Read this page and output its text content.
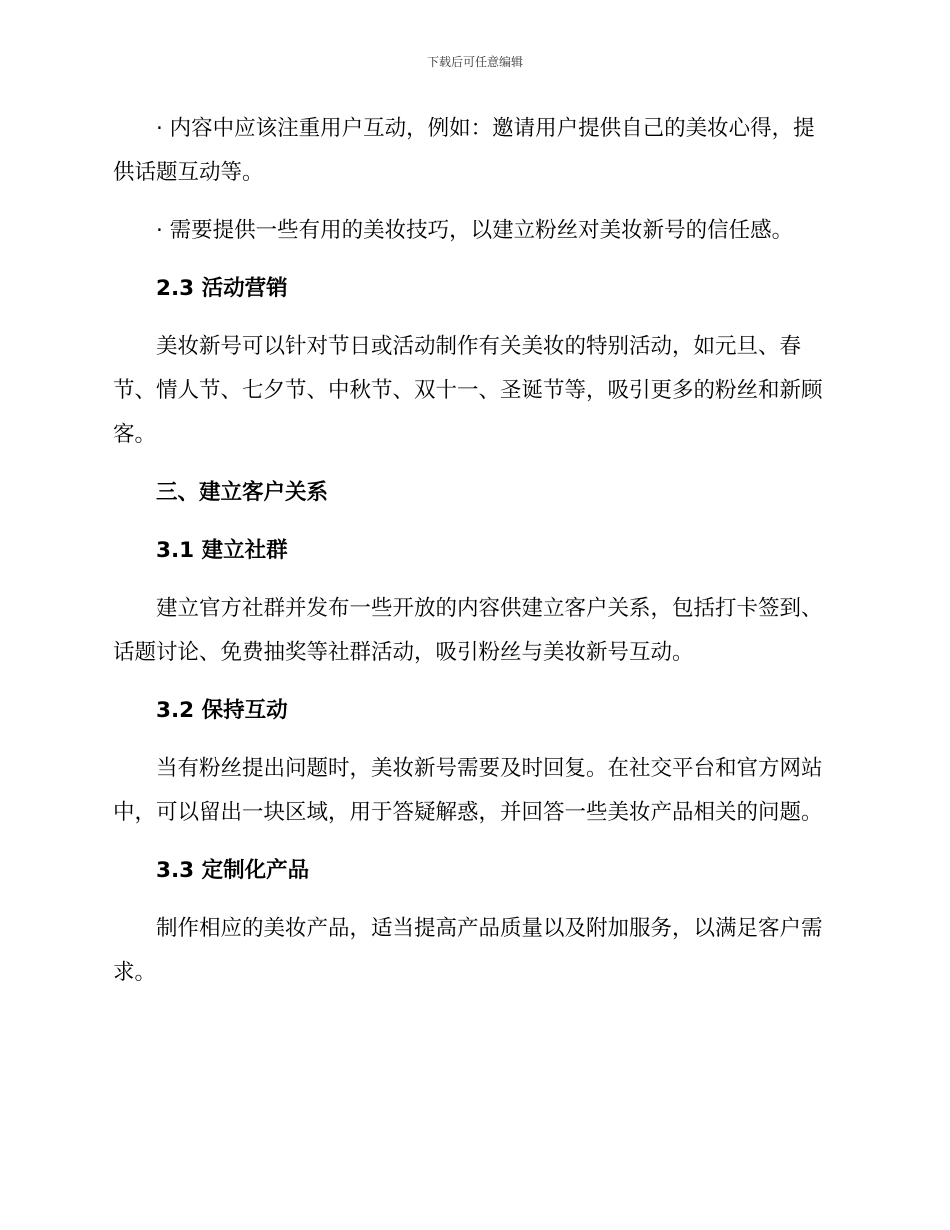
下载后可任意编辑

· 内容中应该注重用户互动，例如：邀请用户提供自己的美妆心得，提供话题互动等。

· 需要提供一些有用的美妆技巧，以建立粉丝对美妆新号的信任感。

2.3 活动营销

美妆新号可以针对节日或活动制作有关美妆的特别活动，如元旦、春节、情人节、七夕节、中秋节、双十一、圣诞节等，吸引更多的粉丝和新顾客。

三、建立客户关系

3.1 建立社群

建立官方社群并发布一些开放的内容供建立客户关系，包括打卡签到、话题讨论、免费抽奖等社群活动，吸引粉丝与美妆新号互动。

3.2 保持互动

当有粉丝提出问题时，美妆新号需要及时回复。在社交平台和官方网站中，可以留出一块区域，用于答疑解惑，并回答一些美妆产品相关的问题。

3.3 定制化产品

制作相应的美妆产品，适当提高产品质量以及附加服务，以满足客户需求。
